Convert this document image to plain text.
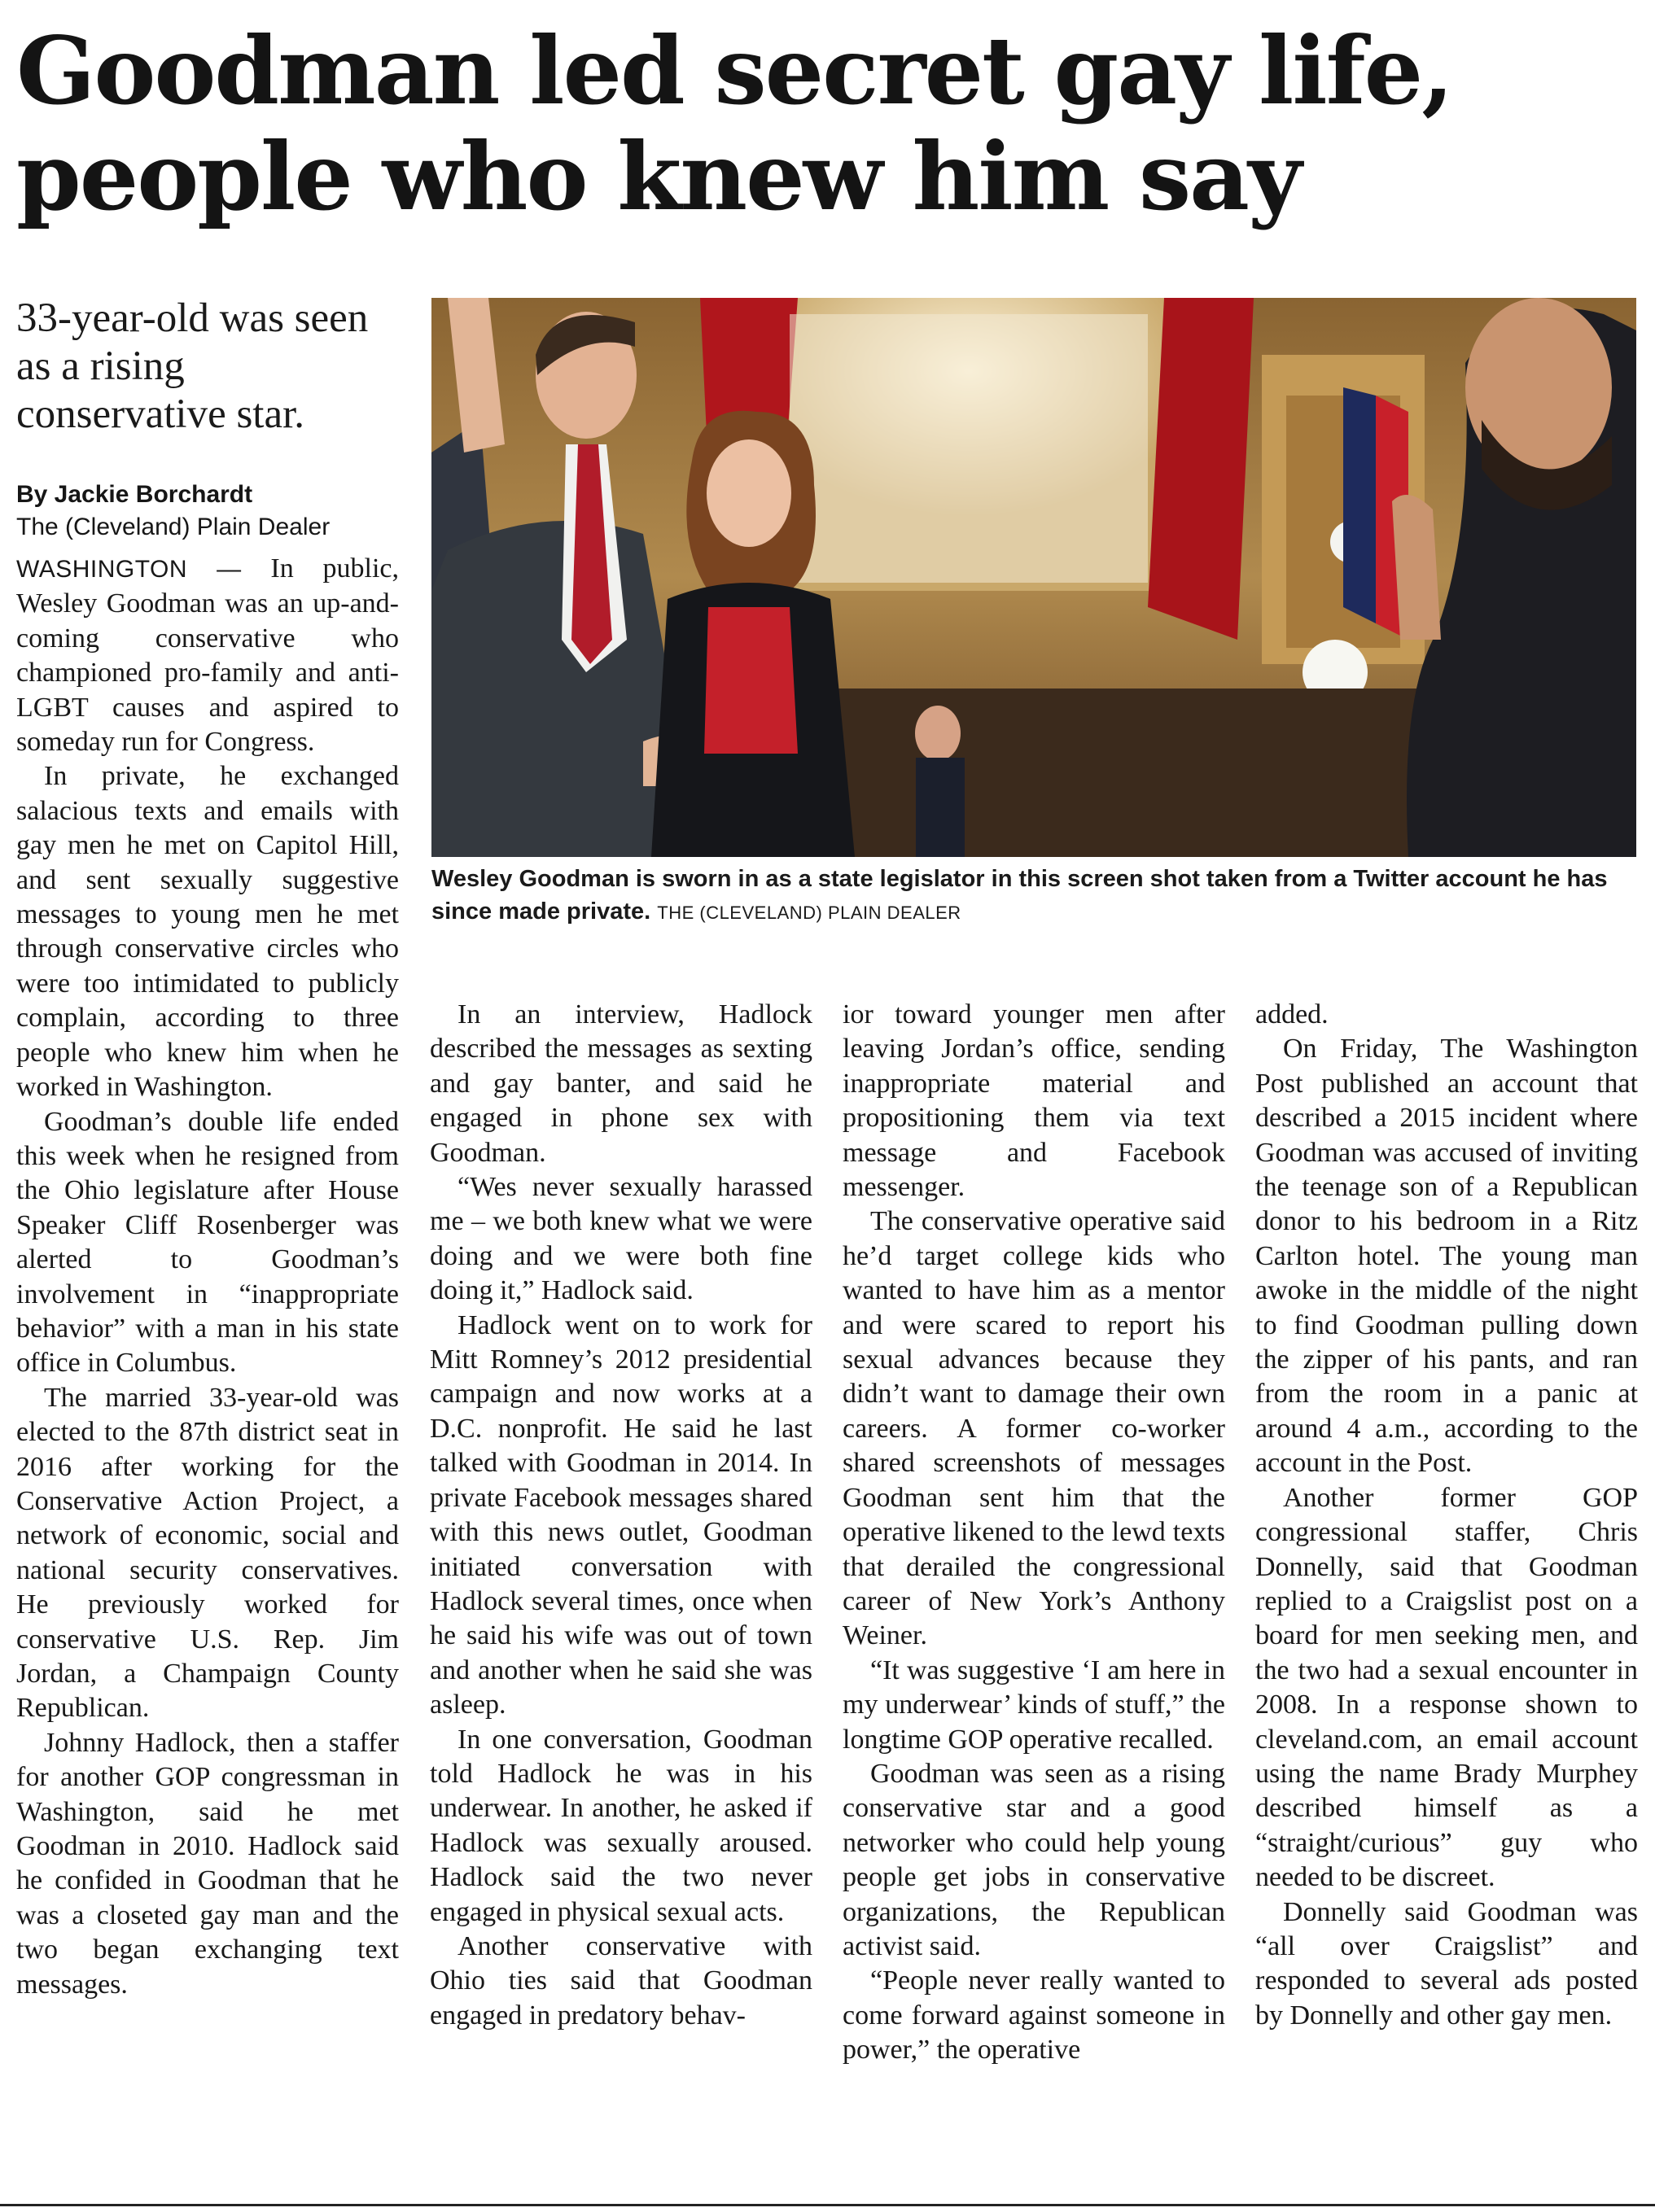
Goodman led secret gay life,
people who knew him say
33-year-old was seen as a rising conservative star.
By Jackie Borchardt
The (Cleveland) Plain Dealer
Wesley Goodman is sworn in as a state legislator in this screen shot taken from a Twitter account he has since made private. THE (CLEVELAND) PLAIN DEALER

WASHINGTON — In public, Wesley Goodman was an up-and-coming conservative who championed pro-family and anti-LGBT causes and aspired to someday run for Congress.

In private, he exchanged salacious texts and emails with gay men he met on Capitol Hill, and sent sexually suggestive messages to young men he met through conservative circles who were too intimidated to publicly complain, according to three people who knew him when he worked in Washington.

Goodman’s double life ended this week when he resigned from the Ohio legislature after House Speaker Cliff Rosenberger was alerted to Goodman’s involvement in “inappropriate behavior” with a man in his state office in Columbus.

The married 33-year-old was elected to the 87th district seat in 2016 after working for the Conservative Action Project, a network of economic, social and national security conservatives. He previously worked for conservative U.S. Rep. Jim Jordan, a Champaign County Republican.

Johnny Hadlock, then a staffer for another GOP congressman in Washington, said he met Goodman in 2010. Hadlock said he confided in Goodman that he was a closeted gay man and the two began exchanging text messages.

In an interview, Hadlock described the messages as sexting and gay banter, and said he engaged in phone sex with Goodman.

“Wes never sexually harassed me – we both knew what we were doing and we were both fine doing it,” Hadlock said.

Hadlock went on to work for Mitt Romney’s 2012 presidential campaign and now works at a D.C. nonprofit. He said he last talked with Goodman in 2014. In private Facebook messages shared with this news outlet, Goodman initiated conversation with Hadlock several times, once when he said his wife was out of town and another when he said she was asleep.

In one conversation, Goodman told Hadlock he was in his underwear. In another, he asked if Hadlock was sexually aroused. Hadlock said the two never engaged in physical sexual acts.

Another conservative with Ohio ties said that Goodman engaged in predatory behav-

ior toward younger men after leaving Jordan’s office, sending inappropriate material and propositioning them via text message and Facebook messenger.

The conservative operative said he’d target college kids who wanted to have him as a mentor and were scared to report his sexual advances because they didn’t want to damage their own careers. A former co-worker shared screenshots of messages Goodman sent him that the operative likened to the lewd texts that derailed the congressional career of New York’s Anthony Weiner.

“It was suggestive ‘I am here in my underwear’ kinds of stuff,” the longtime GOP operative recalled.

Goodman was seen as a rising conservative star and a good networker who could help young people get jobs in conservative organizations, the Republican activist said.

“People never really wanted to come forward against someone in power,” the operative

added.

On Friday, The Washington Post published an account that described a 2015 incident where Goodman was accused of inviting the teenage son of a Republican donor to his bedroom in a Ritz Carlton hotel. The young man awoke in the middle of the night to find Goodman pulling down the zipper of his pants, and ran from the room in a panic at around 4 a.m., according to the account in the Post.

Another former GOP congressional staffer, Chris Donnelly, said that Goodman replied to a Craigslist post on a board for men seeking men, and the two had a sexual encounter in 2008. In a response shown to cleveland.com, an email account using the name Brady Murphey described himself as a “straight/curious” guy who needed to be discreet.

Donnelly said Goodman was “all over Craigslist” and responded to several ads posted by Donnelly and other gay men.
